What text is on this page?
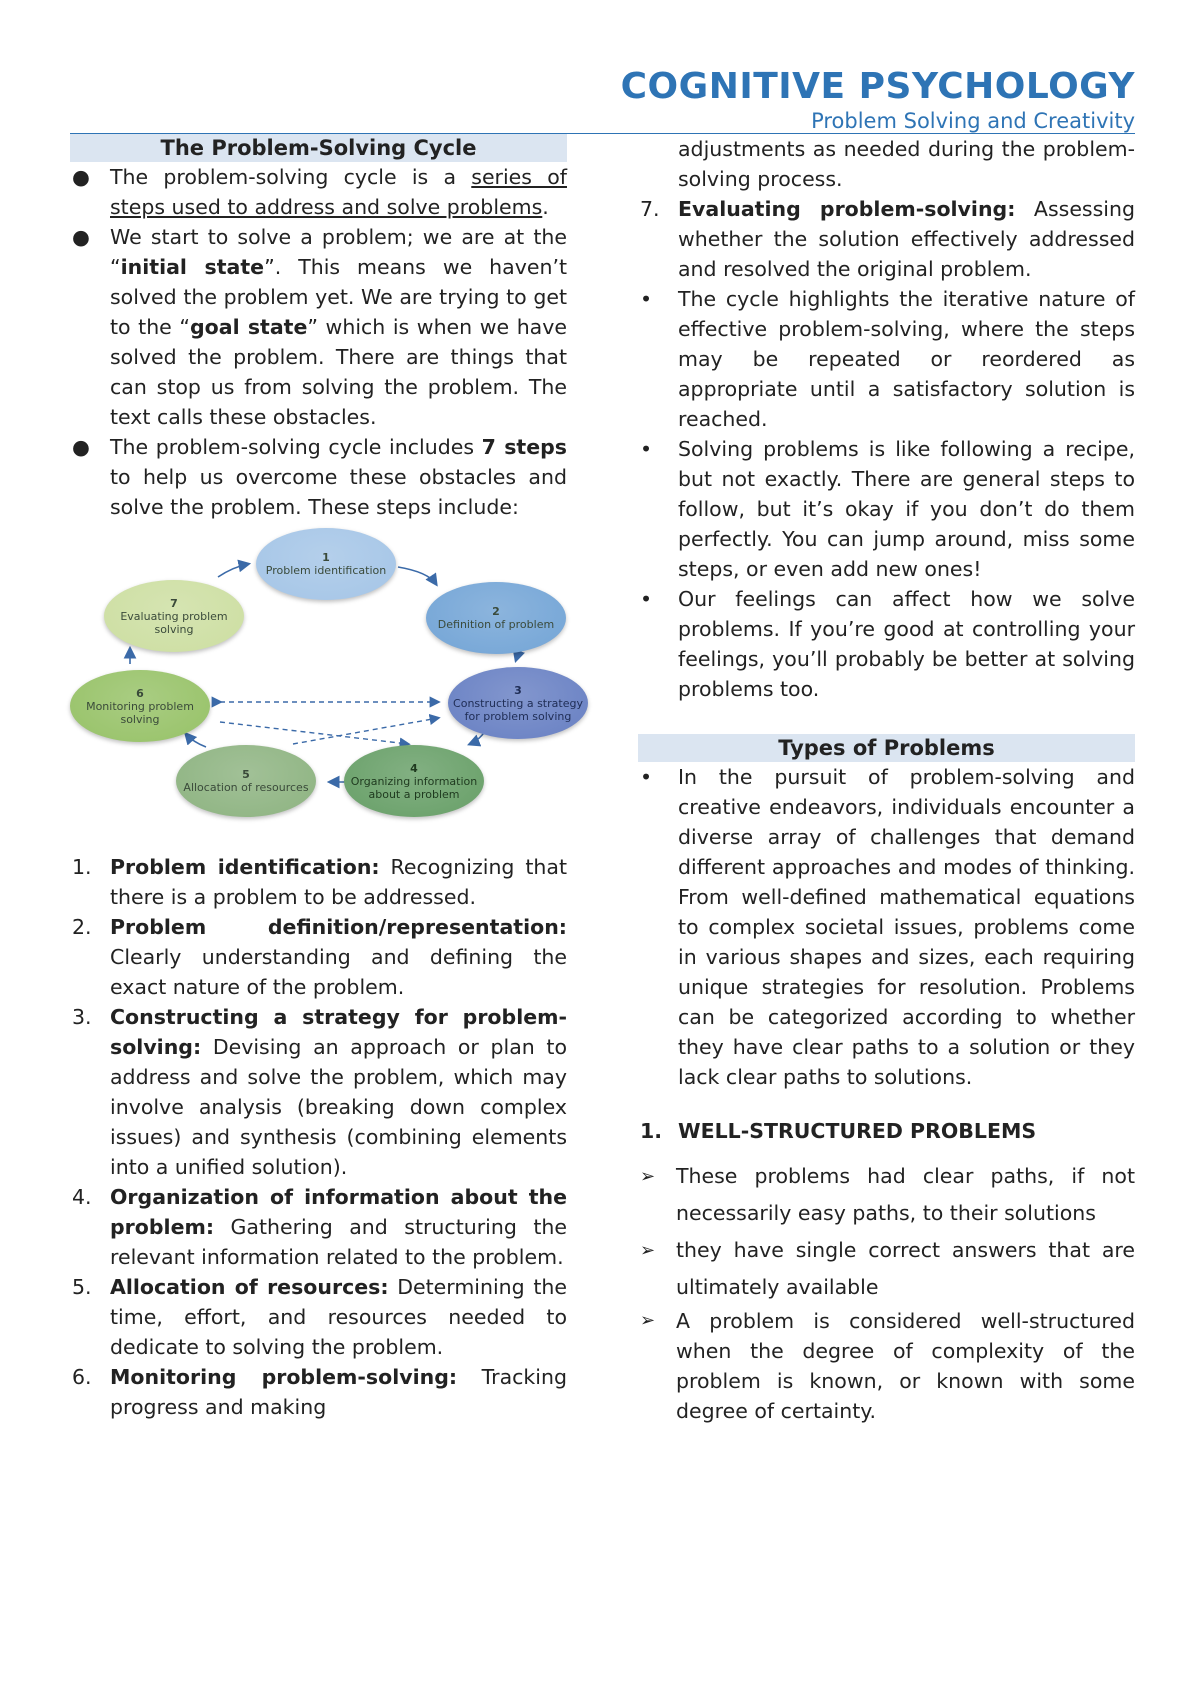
COGNITIVE PSYCHOLOGY
Problem Solving and Creativity
The Problem-Solving Cycle
● The problem-solving cycle is a series of steps used to address and solve problems.
● We start to solve a problem; we are at the “initial state”. This means we haven’t solved the problem yet. We are trying to get to the “goal state” which is when we have solved the problem. There are things that can stop us from solving the problem. The text calls these obstacles.
● The problem-solving cycle includes 7 steps to help us overcome these obstacles and solve the problem. These steps include:
1
Problem identification
2
Definition of problem
3
Constructing a strategy for problem solving
4
Organizing information about a problem
5
Allocation of resources
6
Monitoring problem solving
7
Evaluating problem solving
1. Problem identification: Recognizing that there is a problem to be addressed.
2. Problem definition/representation: Clearly understanding and defining the exact nature of the problem.
3. Constructing a strategy for problem-solving: Devising an approach or plan to address and solve the problem, which may involve analysis (breaking down complex issues) and synthesis (combining elements into a unified solution).
4. Organization of information about the problem: Gathering and structuring the relevant information related to the problem.
5. Allocation of resources: Determining the time, effort, and resources needed to dedicate to solving the problem.
6. Monitoring problem-solving: Tracking progress and making
adjustments as needed during the problem-solving process.
7. Evaluating problem-solving: Assessing whether the solution effectively addressed and resolved the original problem.
• The cycle highlights the iterative nature of effective problem-solving, where the steps may be repeated or reordered as appropriate until a satisfactory solution is reached.
• Solving problems is like following a recipe, but not exactly. There are general steps to follow, but it’s okay if you don’t do them perfectly. You can jump around, miss some steps, or even add new ones!
• Our feelings can affect how we solve problems. If you’re good at controlling your feelings, you’ll probably be better at solving problems too.
Types of Problems
• In the pursuit of problem-solving and creative endeavors, individuals encounter a diverse array of challenges that demand different approaches and modes of thinking. From well-defined mathematical equations to complex societal issues, problems come in various shapes and sizes, each requiring unique strategies for resolution. Problems can be categorized according to whether they have clear paths to a solution or they lack clear paths to solutions.
1. WELL-STRUCTURED PROBLEMS
➢ These problems had clear paths, if not necessarily easy paths, to their solutions
➢ they have single correct answers that are ultimately available
➢ A problem is considered well-structured when the degree of complexity of the problem is known, or known with some degree of certainty.
